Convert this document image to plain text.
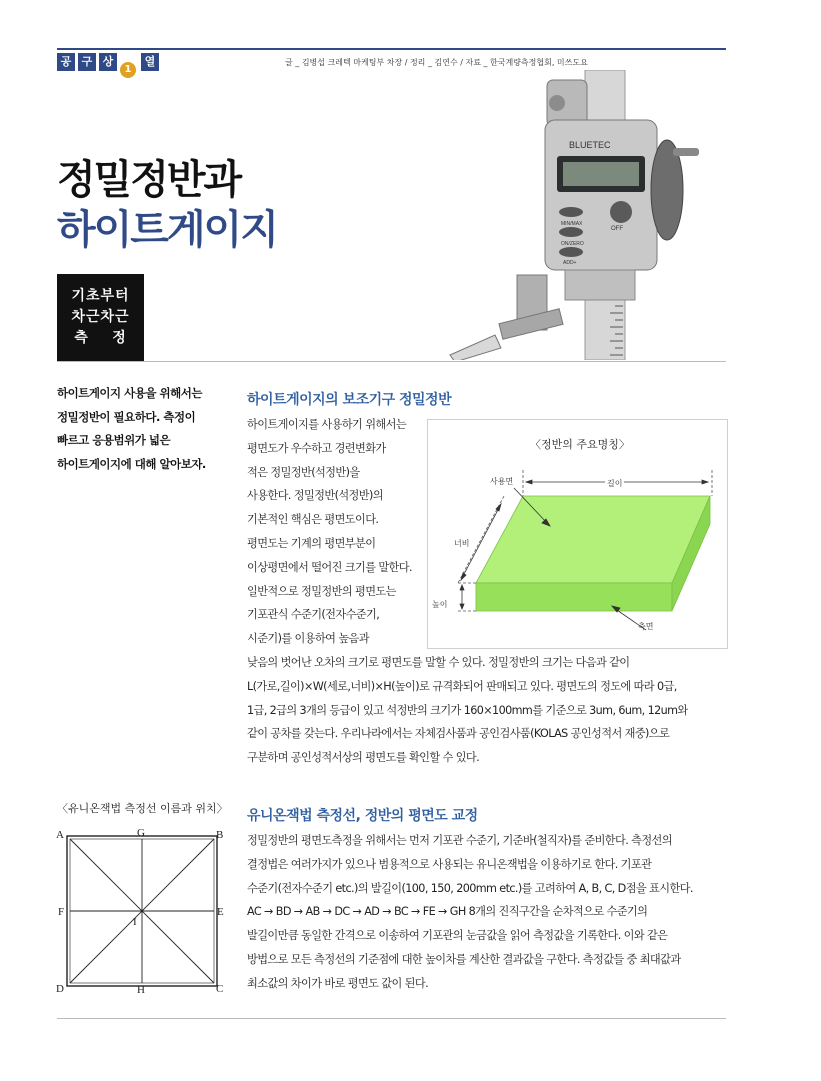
공 구 상
1
열	글 _ 김병섭 크레텍 마케팅부 차장 / 정리 _ 김연수 / 자료 _ 한국계량측정협회, 미쓰도요
정밀정반과
하이트게이지
기초부터
차근차근
측    정
BLUETEC
MIN/MAX
ON/ZERO
ADD+
OFF
하이트게이지 사용을 위해서는
정밀정반이 필요하다. 측정이
빠르고 응용범위가 넓은
하이트게이지에 대해 알아보자.
하이트게이지의 보조기구 정밀정반
하이트게이지를 사용하기 위해서는
평면도가 우수하고 경련변화가
적은 정밀정반(석정반)을
사용한다. 정밀정반(석정반)의
기본적인 핵심은 평면도이다.
평면도는 기계의 평면부분이
이상평면에서 떨어진 크기를 말한다.
일반적으로 정밀정반의 평면도는
기포관식 수준기(전자수준기,
시준기)를 이용하여 높음과
낮음의 벗어난 오차의 크기로 평면도를 말할 수 있다. 정밀정반의 크기는 다음과 같이
L(가로,길이)×W(세로,너비)×H(높이)로 규격화되어 판매되고 있다. 평면도의 정도에 따라 0급,
1급, 2급의 3개의 등급이 있고 석정반의 크기가 160×100mm를 기준으로 3um, 6um, 12um와
같이 공차를 갖는다. 우리나라에서는 자체검사품과 공인검사품(KOLAS 공인성적서 재중)으로
구분하며 공인성적서상의 평면도를 확인할 수 있다.
〈정반의 주요명칭〉
사용면	길이
너비
높이
측면
〈유니온잭법 측정선 이름과 위치〉
A	B
C
D
G
H
F	E
I
유니온잭법 측정선, 정반의 평면도 교정
정밀정반의 평면도측정을 위해서는 먼저 기포관 수준기, 기준바(철직자)를 준비한다. 측정선의
결정법은 여러가지가 있으나 범용적으로 사용되는 유니온잭법을 이용하기로 한다. 기포관
수준기(전자수준기 etc.)의 발길이(100, 150, 200mm etc.)를 고려하여 A, B, C, D점을 표시한다.
AC → BD → AB → DC → AD → BC → FE → GH 8개의 진직구간을 순차적으로 수준기의
발길이만큼 동일한 간격으로 이송하여 기포관의 눈금값을 읽어 측정값을 기록한다. 이와 같은
방법으로 모든 측정선의 기준점에 대한 높이차를 계산한 결과값을 구한다. 측정값들 중 최대값과
최소값의 차이가 바로 평면도 값이 된다.
